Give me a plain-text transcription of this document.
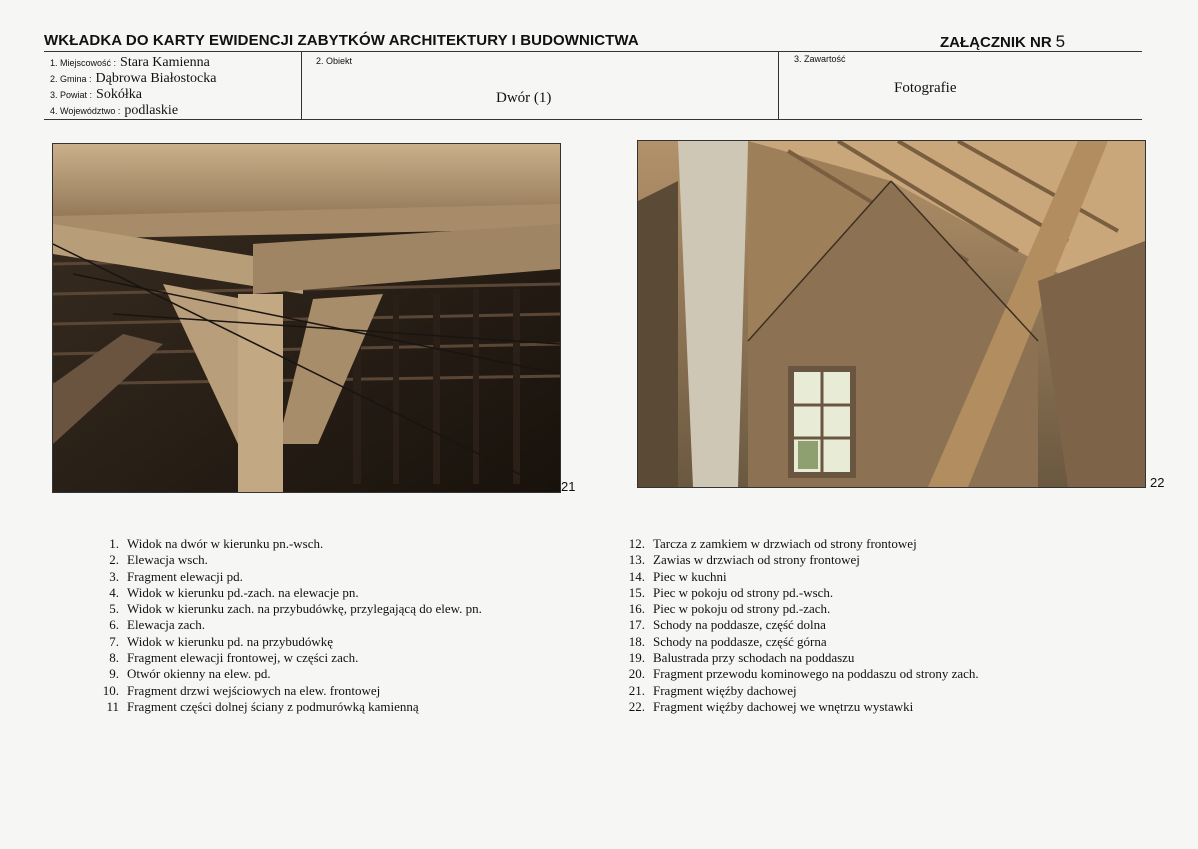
WKŁADKA DO KARTY EWIDENCJI ZABYTKÓW ARCHITEKTURY I BUDOWNICTWA	ZAŁĄCZNIK NR 5
1. Miejscowość : Stara Kamienna
2. Gmina : Dąbrowa Białostocka
3. Powiat : Sokółka
4. Województwo : podlaskie
2. Obiekt
Dwór (1)
3. Zawartość
Fotografie
21	22
1. Widok na dwór w kierunku pn.-wsch.
2. Elewacja wsch.
3. Fragment elewacji pd.
4. Widok w kierunku pd.-zach. na elewacje pn.
5. Widok w kierunku zach. na przybudówkę, przylegającą do elew. pn.
6. Elewacja zach.
7. Widok w kierunku pd. na przybudówkę
8. Fragment elewacji frontowej, w części zach.
9. Otwór okienny na elew. pd.
10. Fragment drzwi wejściowych na elew. frontowej
11 Fragment części dolnej ściany z podmurówką kamienną
12. Tarcza z zamkiem w drzwiach od strony frontowej
13. Zawias w drzwiach od strony frontowej
14. Piec w kuchni
15. Piec w pokoju od strony pd.-wsch.
16. Piec w pokoju od strony pd.-zach.
17. Schody na poddasze, część dolna
18. Schody na poddasze, część górna
19. Balustrada przy schodach na poddaszu
20. Fragment przewodu kominowego na poddaszu od strony zach.
21. Fragment więźby dachowej
22. Fragment więźby dachowej we wnętrzu wystawki
